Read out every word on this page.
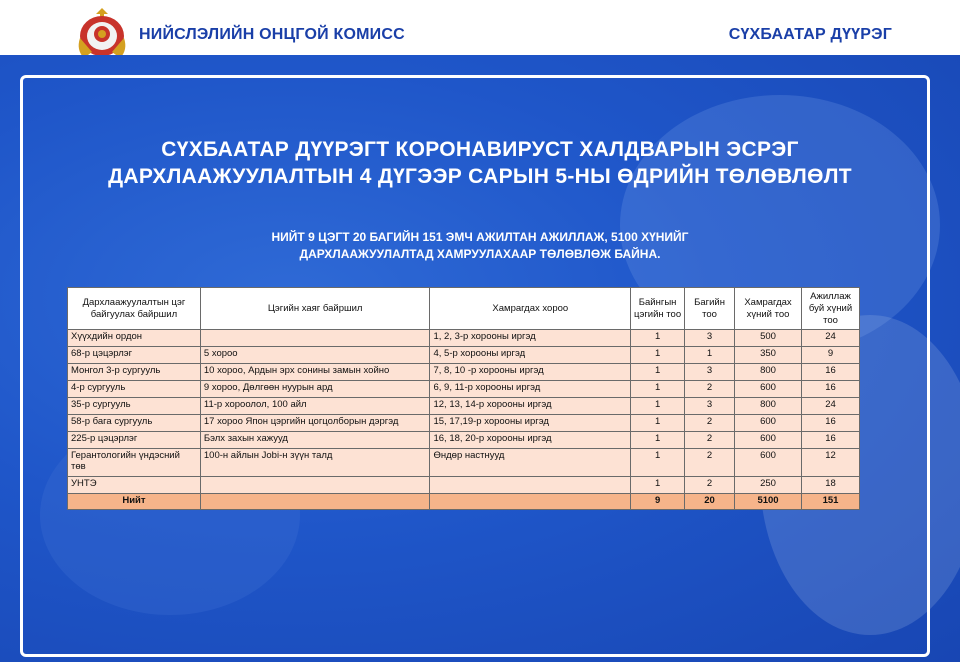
НИЙСЛЭЛИЙН ОНЦГОЙ КОМИСС	СҮХБААТАР ДҮҮРЭГ
СҮХБААТАР ДҮҮРЭГТ КОРОНАВИРУСТ ХАЛДВАРЫН ЭСРЭГ
ДАРХЛААЖУУЛАЛТЫН 4 ДҮГЭЭР САРЫН 5-НЫ ӨДРИЙН ТӨЛӨВЛӨЛТ
НИЙТ 9 ЦЭГТ 20 БАГИЙН 151 ЭМЧ АЖИЛТАН АЖИЛЛАЖ, 5100 ХҮНИЙГ
ДАРХЛААЖУУЛАЛТАД ХАМРУУЛАХААР ТӨЛӨВЛӨЖ БАЙНА.
Дархлаажуулалтын цэг байгуулах байршил	Цэгийн хаяг байршил	Хамрагдах хороо	Байнгын цэгийн тоо	Багийн тоо	Хамрагдах хүний тоо	Ажиллаж буй хүний тоо
Хүүхдийн ордон		1, 2, 3-р хорооны иргэд	1	3	500	24
68-р цэцэрлэг	5 хороо	4, 5-р хорооны иргэд	1	1	350	9
Монгол 3-р сургууль	10 хороо, Ардын эрх сонины замын хойно	7, 8, 10 -р хорооны иргэд	1	3	800	16
4-р сургууль	9 хороо, Дөлгөөн нуурын ард	6, 9, 11-р хорооны иргэд	1	2	600	16
35-р сургууль	11-р хороолол, 100 айл	12, 13, 14-р хорооны иргэд	1	3	800	24
58-р бага сургууль	17 хороо Япон цэргийн цогцолборын дэргэд	15, 17,19-р хорооны иргэд	1	2	600	16
225-р цэцэрлэг	Бэлх захын хажууд	16, 18, 20-р хорооны иргэд	1	2	600	16
Герaнтологийн үндэсний төв	100-н айлын Jobi-н зүүн талд	Өндөр настнууд	1	2	600	12
УНТЭ			1	2	250	18
Нийт			9	20	5100	151
